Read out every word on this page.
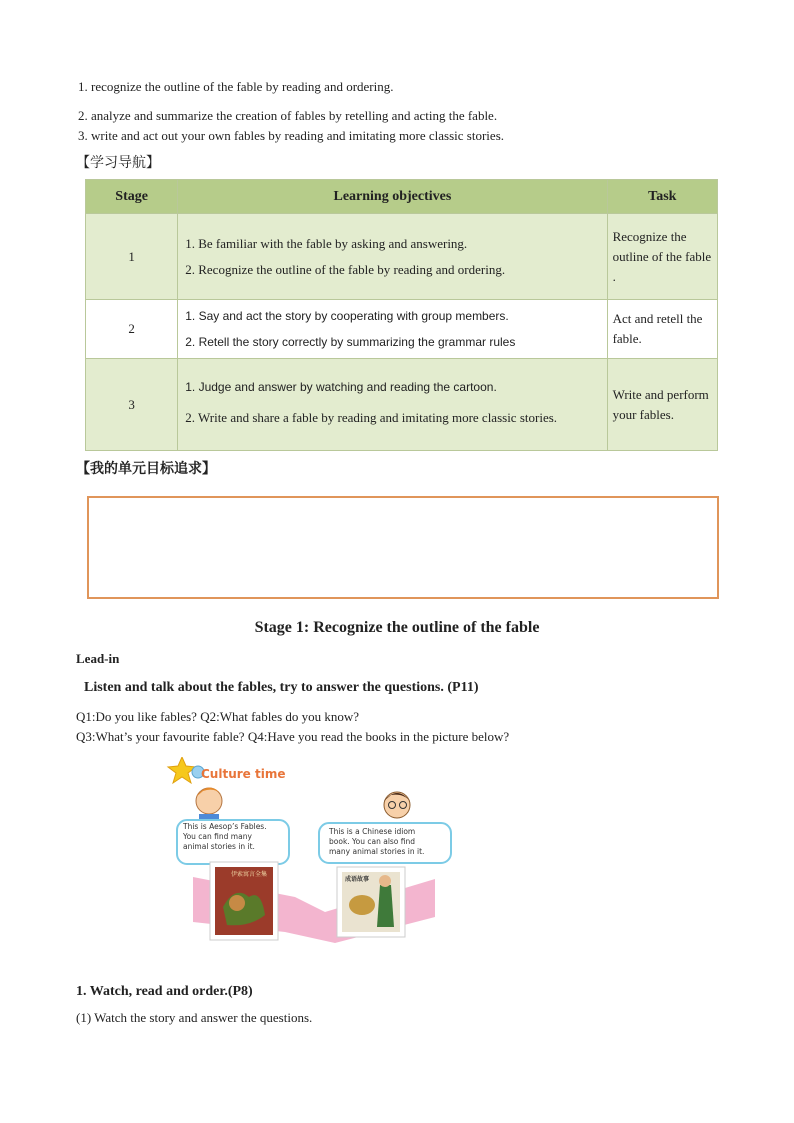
1. recognize the outline of the fable by reading and ordering.
2. analyze and summarize the creation of fables by retelling and acting the fable.
3. write and act out your own fables by reading and imitating more classic stories.
【学习导航】
Stage	Learning objectives	Task
1	1. Be familiar with the fable by asking and answering.

2. Recognize the outline of the fable by reading and ordering.	Recognize the outline of the fable .
2	1. Say and act the story by cooperating with group members.

2. Retell the story correctly by summarizing the grammar rules	Act and retell the fable.
3	1. Judge and answer by watching and reading the cartoon.

2. Write and share a fable by reading and imitating more classic stories.	Write and perform your fables.
【我的单元目标追求】
Stage 1: Recognize the outline of the fable
Lead-in
Listen and talk about the fables, try to answer the questions. (P11)
Q1:Do you like fables? Q2:What fables do you know?
Q3:What’s your favourite fable? Q4:Have you read the books in the picture below?
Culture time
This is Aesop’s Fables.
You can find many
animal stories in it.
This is a Chinese idiom
book. You can also find
many animal stories in it.
伊索寓言全集
成语故事
1. Watch, read and order.(P8)
(1) Watch the story and answer the questions.
